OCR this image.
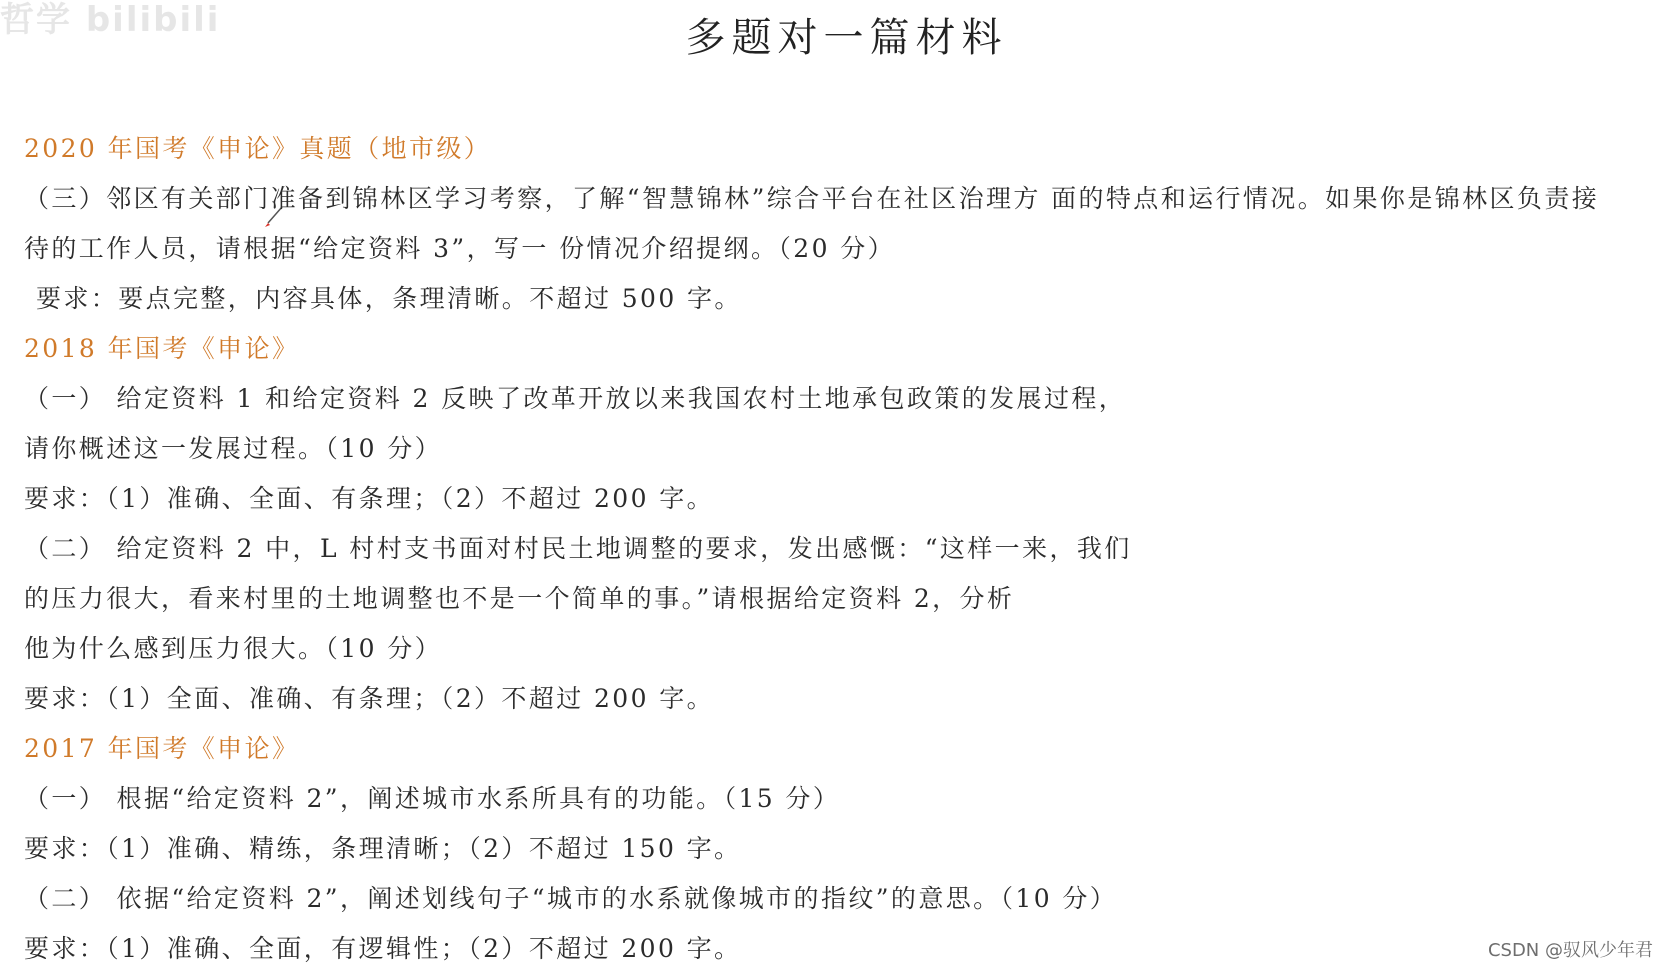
哲学 bilibili	多题对一篇材料
2020 年国考《申论》真题（地市级）
（三）邻区有关部门准备到锦林区学习考察，了解“智慧锦林”综合平台在社区治理方 面的特点和运行情况。如果你是锦林区负责接
待的工作人员，请根据“给定资料 3”，写一 份情况介绍提纲。（20 分）
要求：要点完整，内容具体，条理清晰。不超过 500 字。
2018 年国考《申论》
（一） 给定资料 1 和给定资料 2 反映了改革开放以来我国农村土地承包政策的发展过程，
请你概述这一发展过程。（10 分）
要求：（1）准确、全面、有条理；（2）不超过 200 字。
（二） 给定资料 2 中，L 村村支书面对村民土地调整的要求，发出感慨：“这样一来，我们
的压力很大，看来村里的土地调整也不是一个简单的事。”请根据给定资料 2，分析
他为什么感到压力很大。（10 分）
要求：（1）全面、准确、有条理；（2）不超过 200 字。
2017 年国考《申论》
（一） 根据“给定资料 2”，阐述城市水系所具有的功能。（15 分）
要求：（1）准确、精练，条理清晰；（2）不超过 150 字。
（二） 依据“给定资料 2”，阐述划线句子“城市的水系就像城市的指纹”的意思。（10 分）
要求：（1）准确、全面，有逻辑性；（2）不超过 200 字。	CSDN @驭风少年君
